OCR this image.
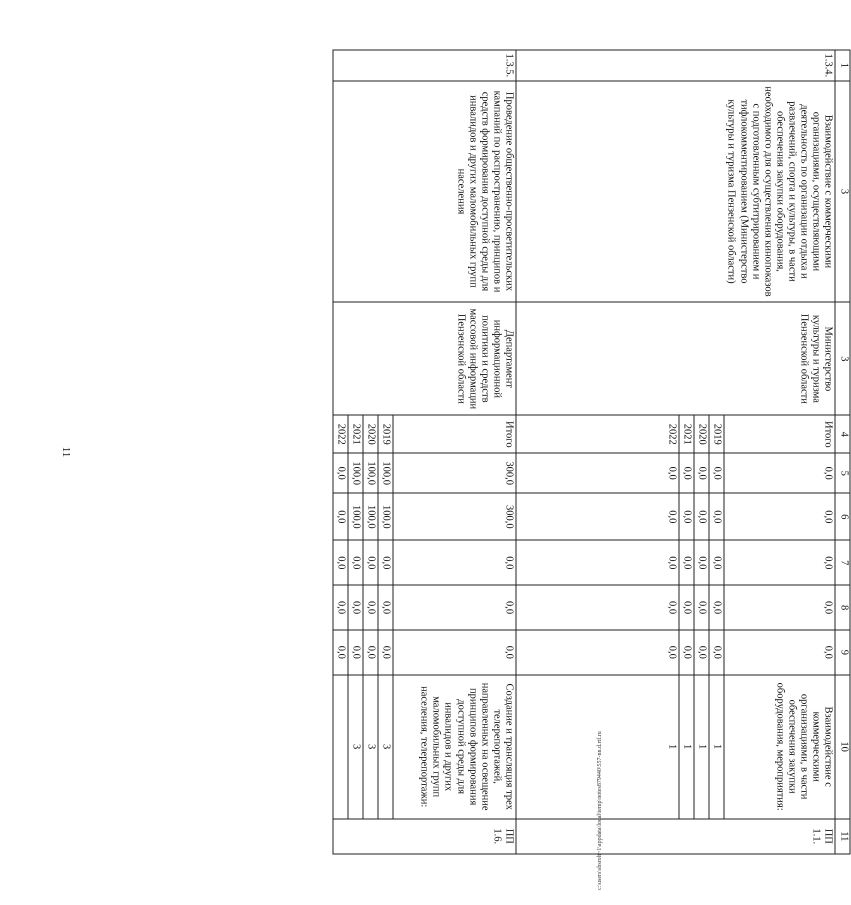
11
c:\users\sbsrolt~1\appdata\local\temp\notes879440\557-nn.d.rtf.ru
1	3	3	4	5	6	7	8	9	10	11
1.3.4.	Взаимодействие с коммерческими организациями, осуществляющими деятельность по организации отдыха и развлечений, спорта и культуры, в части обеспечения закупки оборудования, необходимого для осуществления кинопоказов с подготовленным субтитрированием и тифлокомментированием (Министерство культуры и туризма Пензенской области)	Министерство культуры и туризма Пензенской области	Итого	0,0	0,0	0,0	0,0	0,0	Взаимодействие с коммерческими организациями, в части обеспечения закупки оборудования, мероприятия:	ПП 1.1.
			2019	0,0	0,0	0,0	0,0	0,0	1	
			2020	0,0	0,0	0,0	0,0	0,0	1	
			2021	0,0	0,0	0,0	0,0	0,0	1	
			2022	0,0	0,0	0,0	0,0	0,0	1	
1.3.5.	Проведение общественно-просветительских кампаний по распространению, принципов и средств формирования доступной среды для инвалидов и других маломобильных групп населения	Департамент информационной политики и средств массовой информации Пензенской области	Итого	300,0	300,0	0,0	0,0	0,0	Создание и трансляция трех телерепортажей, направленных на освещение принципов формирования доступной среды для инвалидов и других маломобильных групп населения, телерепортажи:	ПП 1.6.
			2019	100,0	100,0	0,0	0,0	0,0	3	
			2020	100,0	100,0	0,0	0,0	0,0	3	
			2021	100,0	100,0	0,0	0,0	0,0	3	
			2022	0,0	0,0	0,0	0,0	0,0		
